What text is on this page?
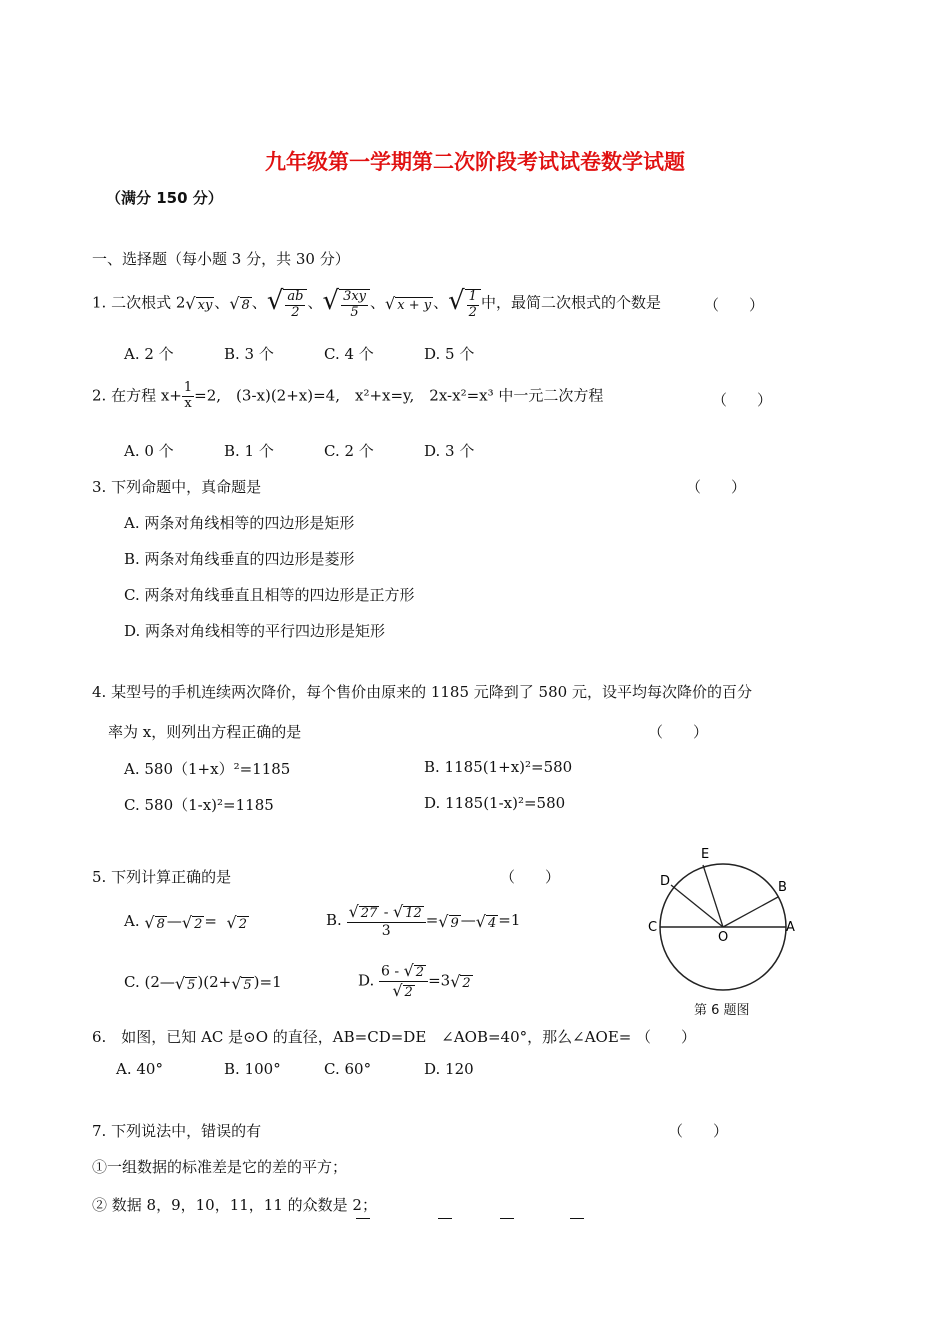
九年级第一学期第二次阶段考试试卷数学试题
（满分 150 分）
一、选择题（每小题 3 分，共 30 分）
1. 二次根式 2√ xy 、√ 8 、√ $\frac{ab}{2}$ 、√ $\frac{3xy}{5}$ 、√ x + y 、√ $\frac{1}{2}$ 中，最简二次根式的个数是	（　　）
A. 2 个	B. 3 个	C. 4 个	D. 5 个
2. 在方程 $x+ \frac{1}{x} =2$,　(3-x)(2+x)=4,　x²+x=y,　2x-x²=x³ 中一元二次方程	（　　）
A. 0 个	B. 1 个	C. 2 个	D. 3 个
3. 下列命题中，真命题是	（　　）
A. 两条对角线相等的四边形是矩形
B. 两条对角线垂直的四边形是菱形
C. 两条对角线垂直且相等的四边形是正方形
D. 两条对角线相等的平行四边形是矩形
4. 某型号的手机连续两次降价，每个售价由原来的 1185 元降到了 580 元，设平均每次降价的百分
率为 x，则列出方程正确的是	（　　）
A. 580（1+x）²=1185	B. 1185(1+x)²=580
C. 580（1-x)²=1185	D. 1185(1-x)²=580
5. 下列计算正确的是	（　　）
A. √ 8 —√ 2 = √ 2	B. $\frac{√ 27 - √ 12}{3}$ =√ 9 —√ 4 =1
C. (2—√ 5 )(2+√ 5 )=1	D. $\frac{6 - √ 2}{√ 2} =3√$ 2
E
D	B
C
O
A
第 6 题图
6.　如图，已知 AC 是⊙O 的直径，AB=CD=DE　∠AOB=40°，那么∠AOE= （　　）
A. 40°	B. 100°	C. 60°	D. 120
7. 下列说法中，错误的有	（　　）
①一组数据的标准差是它的差的平方；
② 数据 8，9，10，11，11 的众数是 2；
